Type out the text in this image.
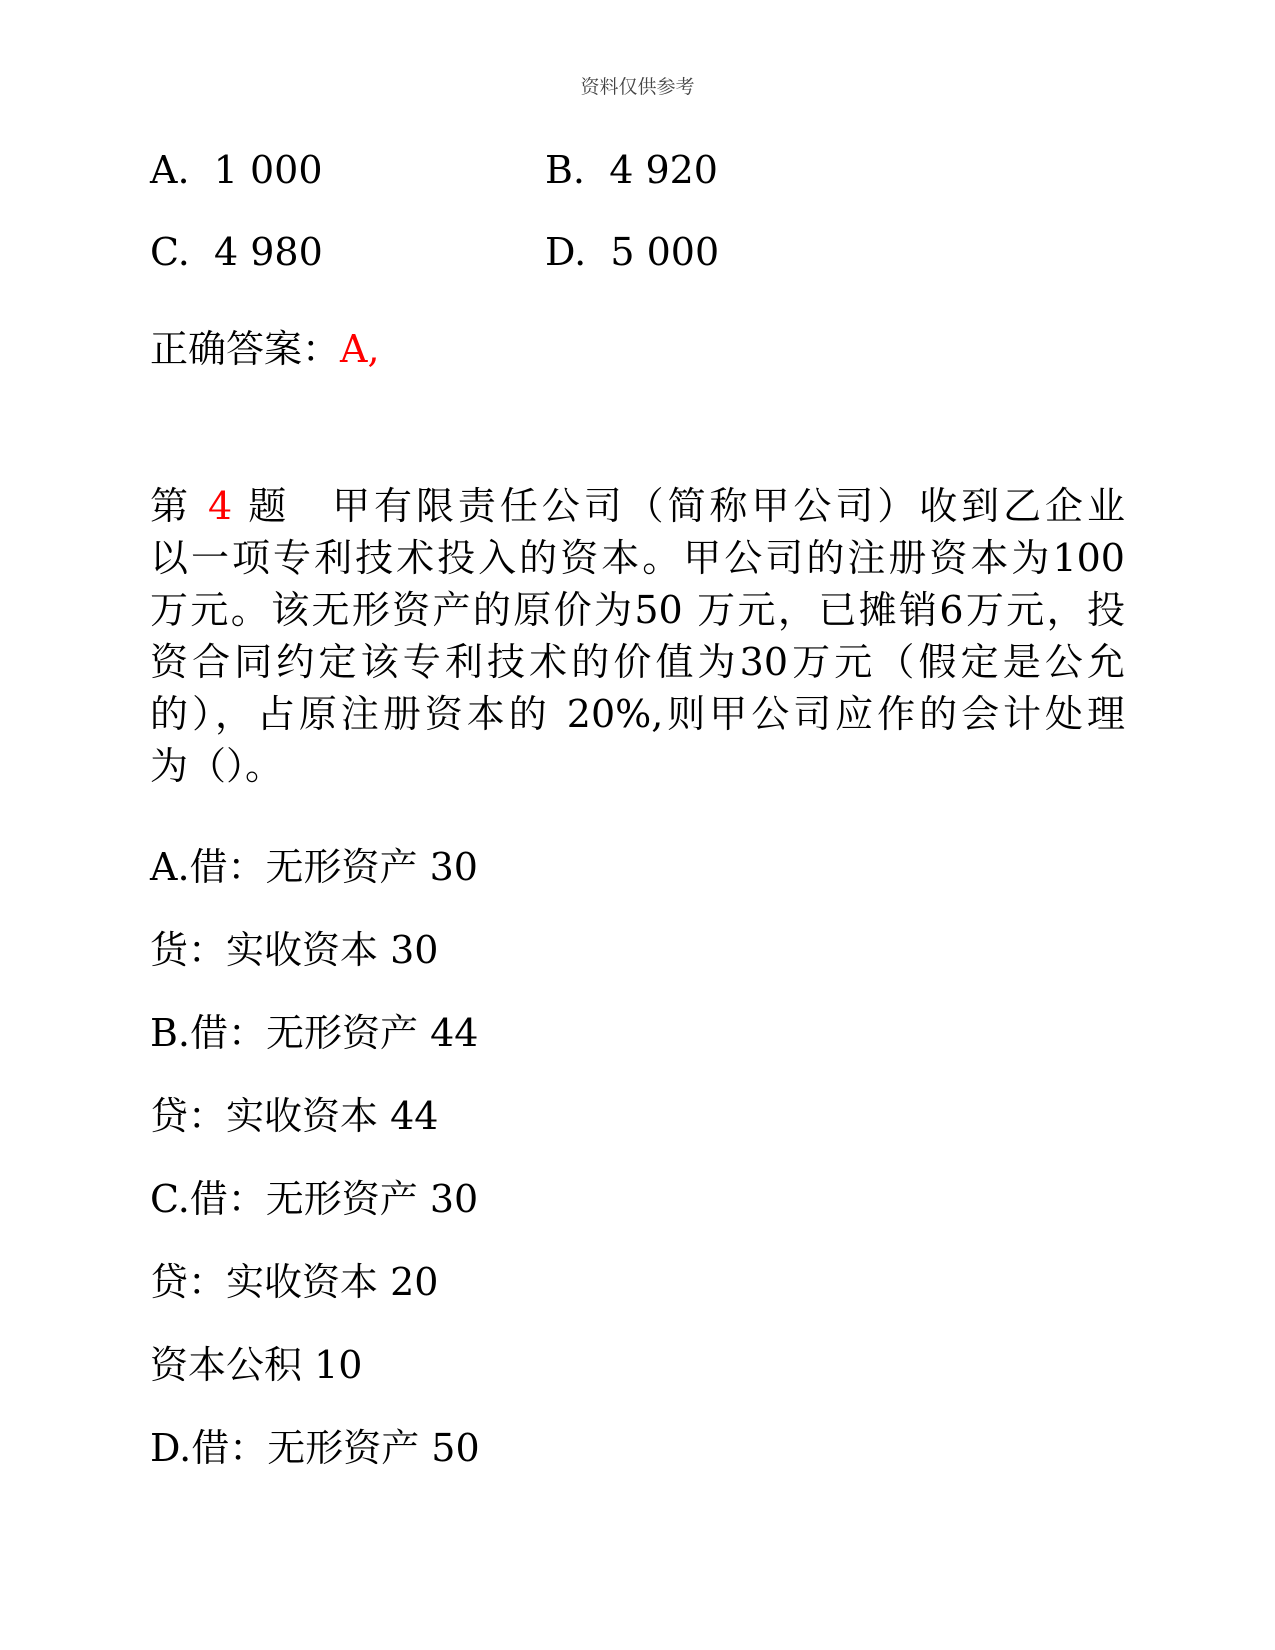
资料仅供参考
A. 1 000	B. 4 920
C. 4 980	D. 5 000
正确答案：A,
第 4 题　 甲有限责任公司（简称甲公司）收到乙企业
以一项专利技术投入的资本。甲公司的注册资本为100
万元。该无形资产的原价为50 万元，已摊销6万元，投
资合同约定该专利技术的价值为30万元（假定是公允
的），占原注册资本的 20%,则甲公司应作的会计处理
为（）。
A.借：无形资产 30
货：实收资本 30
B.借：无形资产 44
贷：实收资本 44
C.借：无形资产 30
贷：实收资本 20
资本公积 10
D.借：无形资产 50
